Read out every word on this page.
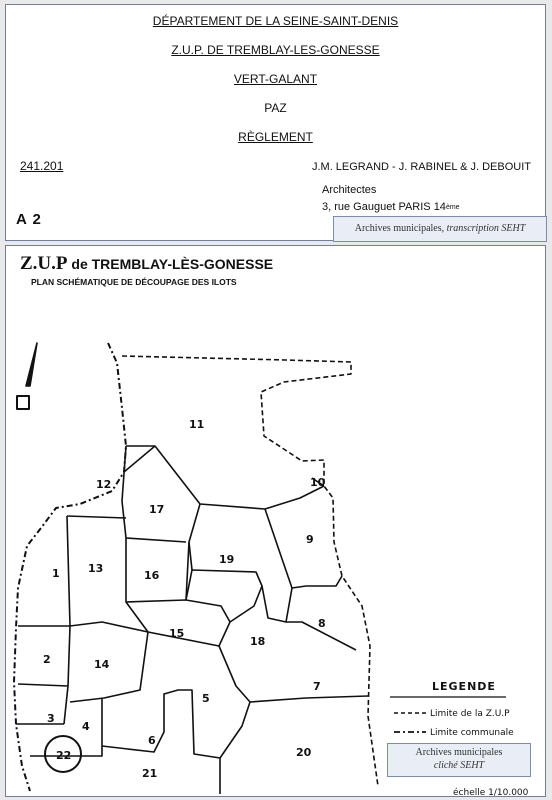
DÉPARTEMENT DE LA SEINE-SAINT-DENIS
Z.U.P. DE TREMBLAY-LES-GONESSE
VERT-GALANT
PAZ
RÈGLEMENT
241.201	J.M. LEGRAND - J. RABINEL & J. DEBOUIT
Architectes
3, rue Gauguet PARIS 14ème
A 2
Archives municipales, transcription SEHT
Z.U.P de TREMBLAY-LÈS-GONESSE
PLAN SCHÉMATIQUE DE DÉCOUPAGE DES ILOTS
1
2
3
4
5
6
7
8
9
10
11
12
13
14
15
16
17
18
19
20
21
22
LEGENDE
Limite de la Z.U.P
Limite communale
échelle 1/10.000
Archives municipales
cliché SEHT
